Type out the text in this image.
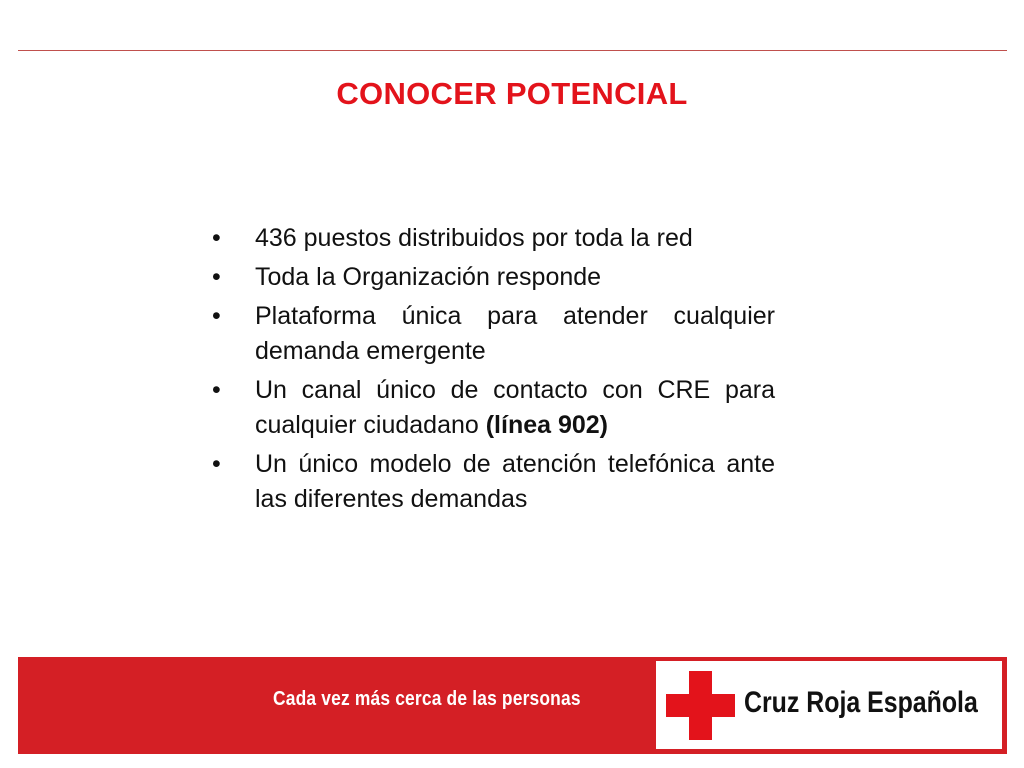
CONOCER POTENCIAL
• 436 puestos distribuidos por toda la red
• Toda la Organización responde
• Plataforma única para atender cualquier demanda emergente
• Un canal único de contacto con CRE para cualquier ciudadano (línea 902)
• Un único modelo de atención telefónica ante las diferentes demandas
Cada vez más cerca de las personas	Cruz Roja Española
